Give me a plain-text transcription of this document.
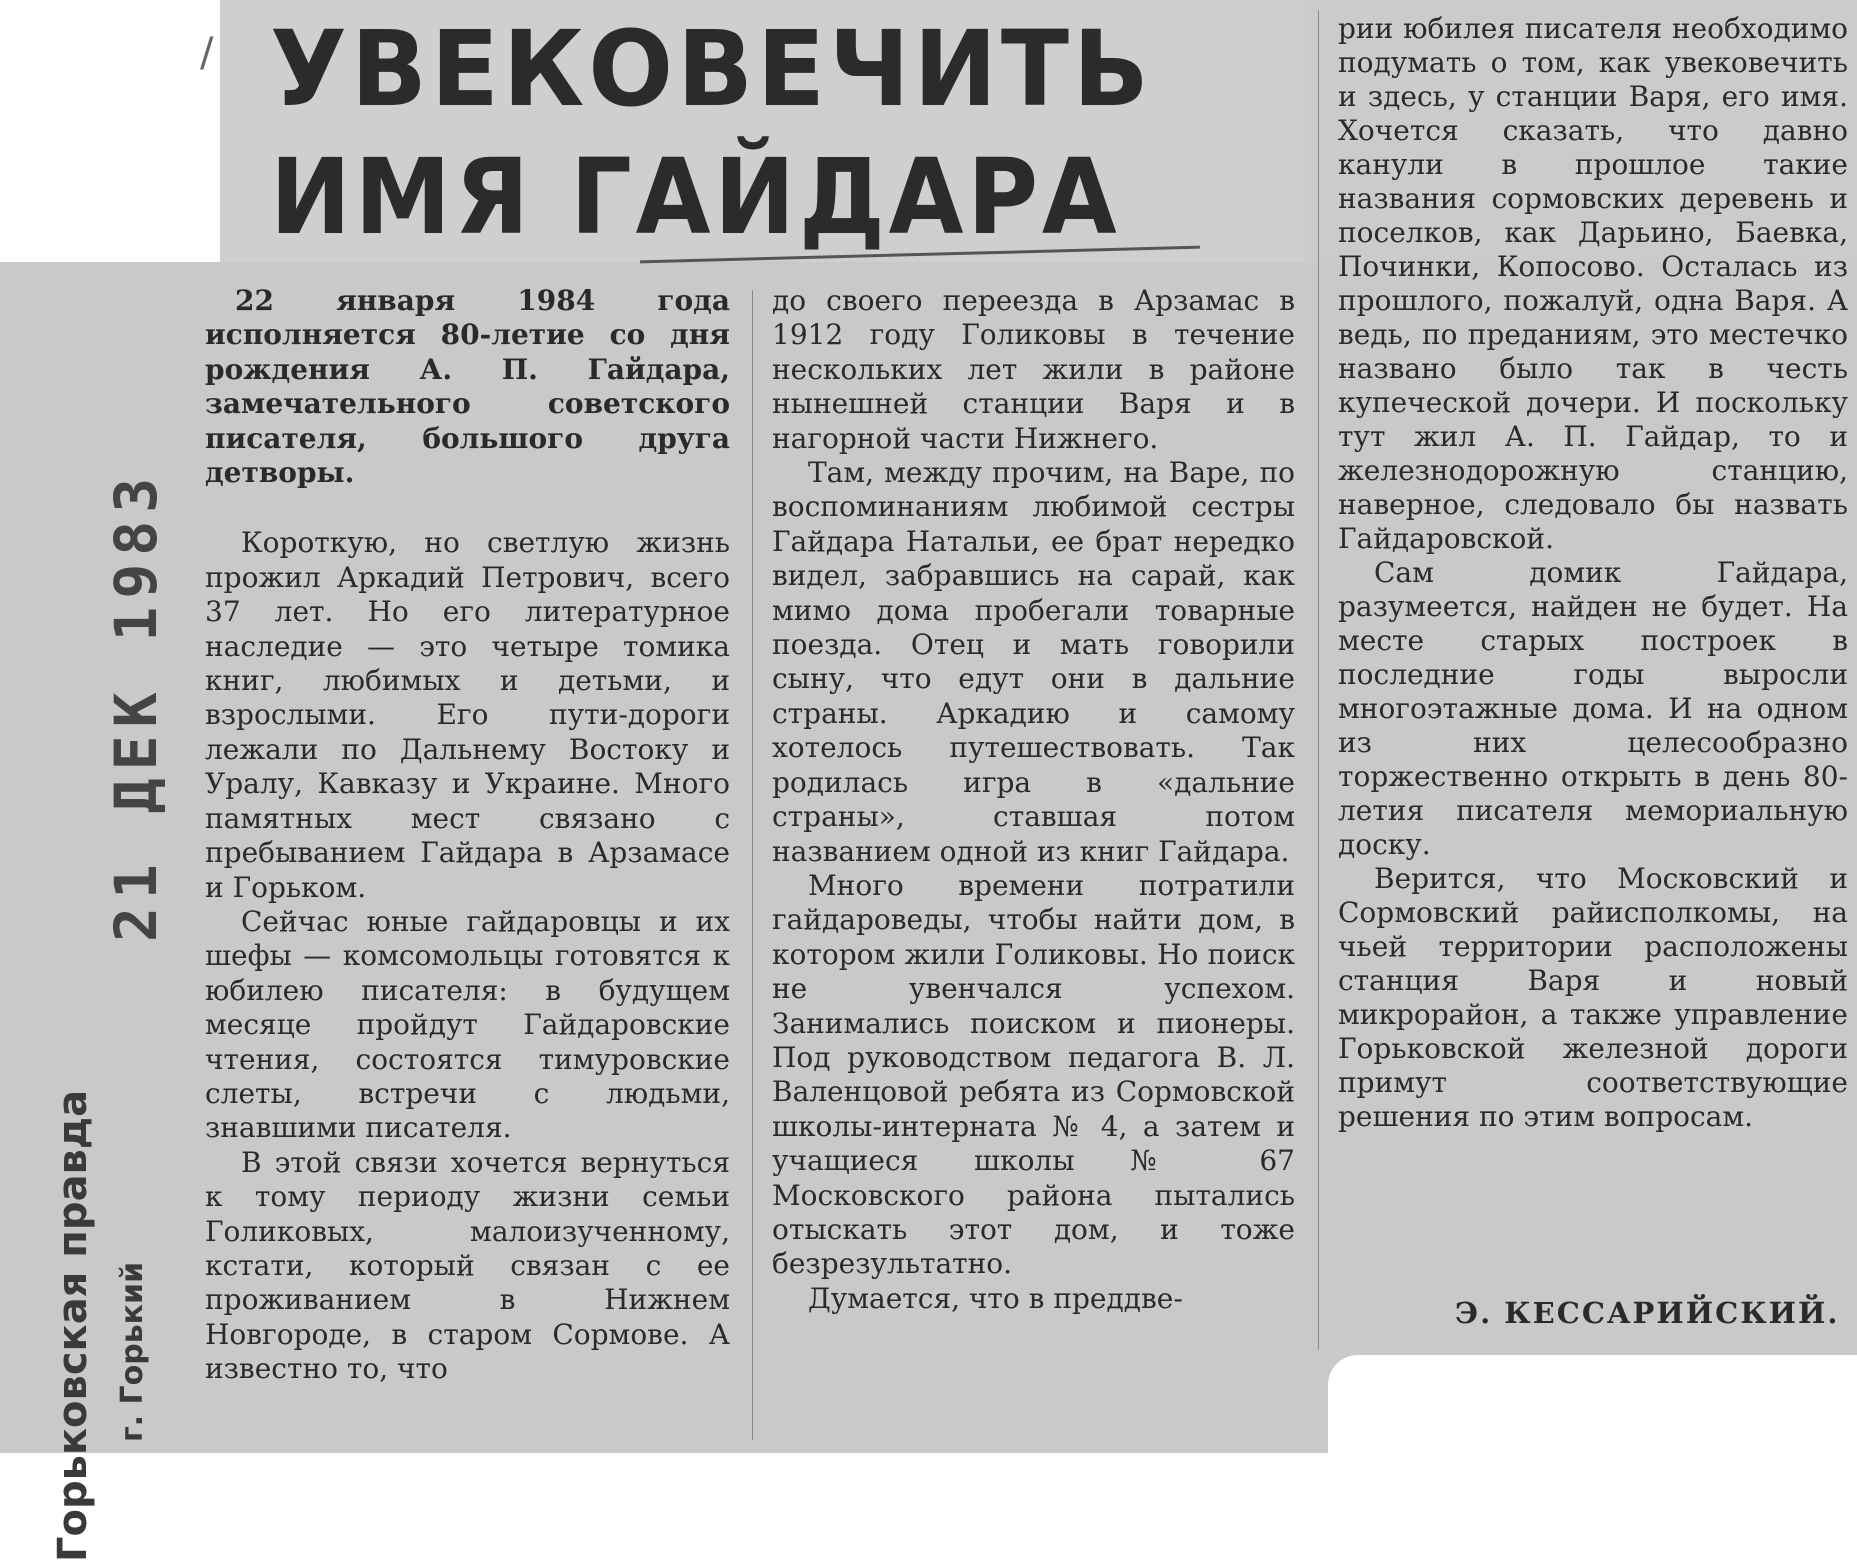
/ УВЕКОВЕЧИТЬ
ИМЯ ГАЙДАРА
21 ДЕК 1983
Горьковская правда г. Горький

22 января 1984 года исполняется 80-летие со дня рождения А. П. Гайдара, замечательного советского писателя, большого друга детворы.

Короткую, но светлую жизнь прожил Аркадий Петрович, всего 37 лет. Но его литературное наследие — это четыре томика книг, любимых и детьми, и взрослыми. Его пути-дороги лежали по Дальнему Востоку и Уралу, Кавказу и Украине. Много памятных мест связано с пребыванием Гайдара в Арзамасе и Горьком.

Сейчас юные гайдаровцы и их шефы — комсомольцы готовятся к юбилею писателя: в будущем месяце пройдут Гайдаровские чтения, состоятся тимуровские слеты, встречи с людьми, знавшими писателя.

В этой связи хочется вернуться к тому периоду жизни семьи Голиковых, малоизученному, кстати, который связан с ее проживанием в Нижнем Новгороде, в старом Сормове. А известно то, что

до своего переезда в Арзамас в 1912 году Голиковы в течение нескольких лет жили в районе нынешней станции Варя и в нагорной части Нижнего.

Там, между прочим, на Варе, по воспоминаниям любимой сестры Гайдара Натальи, ее брат нередко видел, забравшись на сарай, как мимо дома пробегали товарные поезда. Отец и мать говорили сыну, что едут они в дальние страны. Аркадию и самому хотелось путешествовать. Так родилась игра в «дальние страны», ставшая потом названием одной из книг Гайдара.

Много времени потратили гайдароведы, чтобы найти дом, в котором жили Голиковы. Но поиск не увенчался успехом. Занимались поиском и пионеры. Под руководством педагога В. Л. Валенцовой ребята из Сормовской школы-интерната № 4, а затем и учащиеся школы № 67 Московского района пытались отыскать этот дом, и тоже безрезультатно.

Думается, что в преддве-

рии юбилея писателя необходимо подумать о том, как увековечить и здесь, у станции Варя, его имя. Хочется сказать, что давно канули в прошлое такие названия сормовских деревень и поселков, как Дарьино, Баевка, Починки, Копосово. Осталась из прошлого, пожалуй, одна Варя. А ведь, по преданиям, это местечко названо было так в честь купеческой дочери. И поскольку тут жил А. П. Гайдар, то и железнодорожную станцию, наверное, следовало бы назвать Гайдаровской.

Сам домик Гайдара, разумеется, найден не будет. На месте старых построек в последние годы выросли многоэтажные дома. И на одном из них целесообразно торжественно открыть в день 80-летия писателя мемориальную доску.

Верится, что Московский и Сормовский райисполкомы, на чьей территории расположены станция Варя и новый микрорайон, а также управление Горьковской железной дороги примут соответствующие решения по этим вопросам.

Э. КЕССАРИЙСКИЙ.
